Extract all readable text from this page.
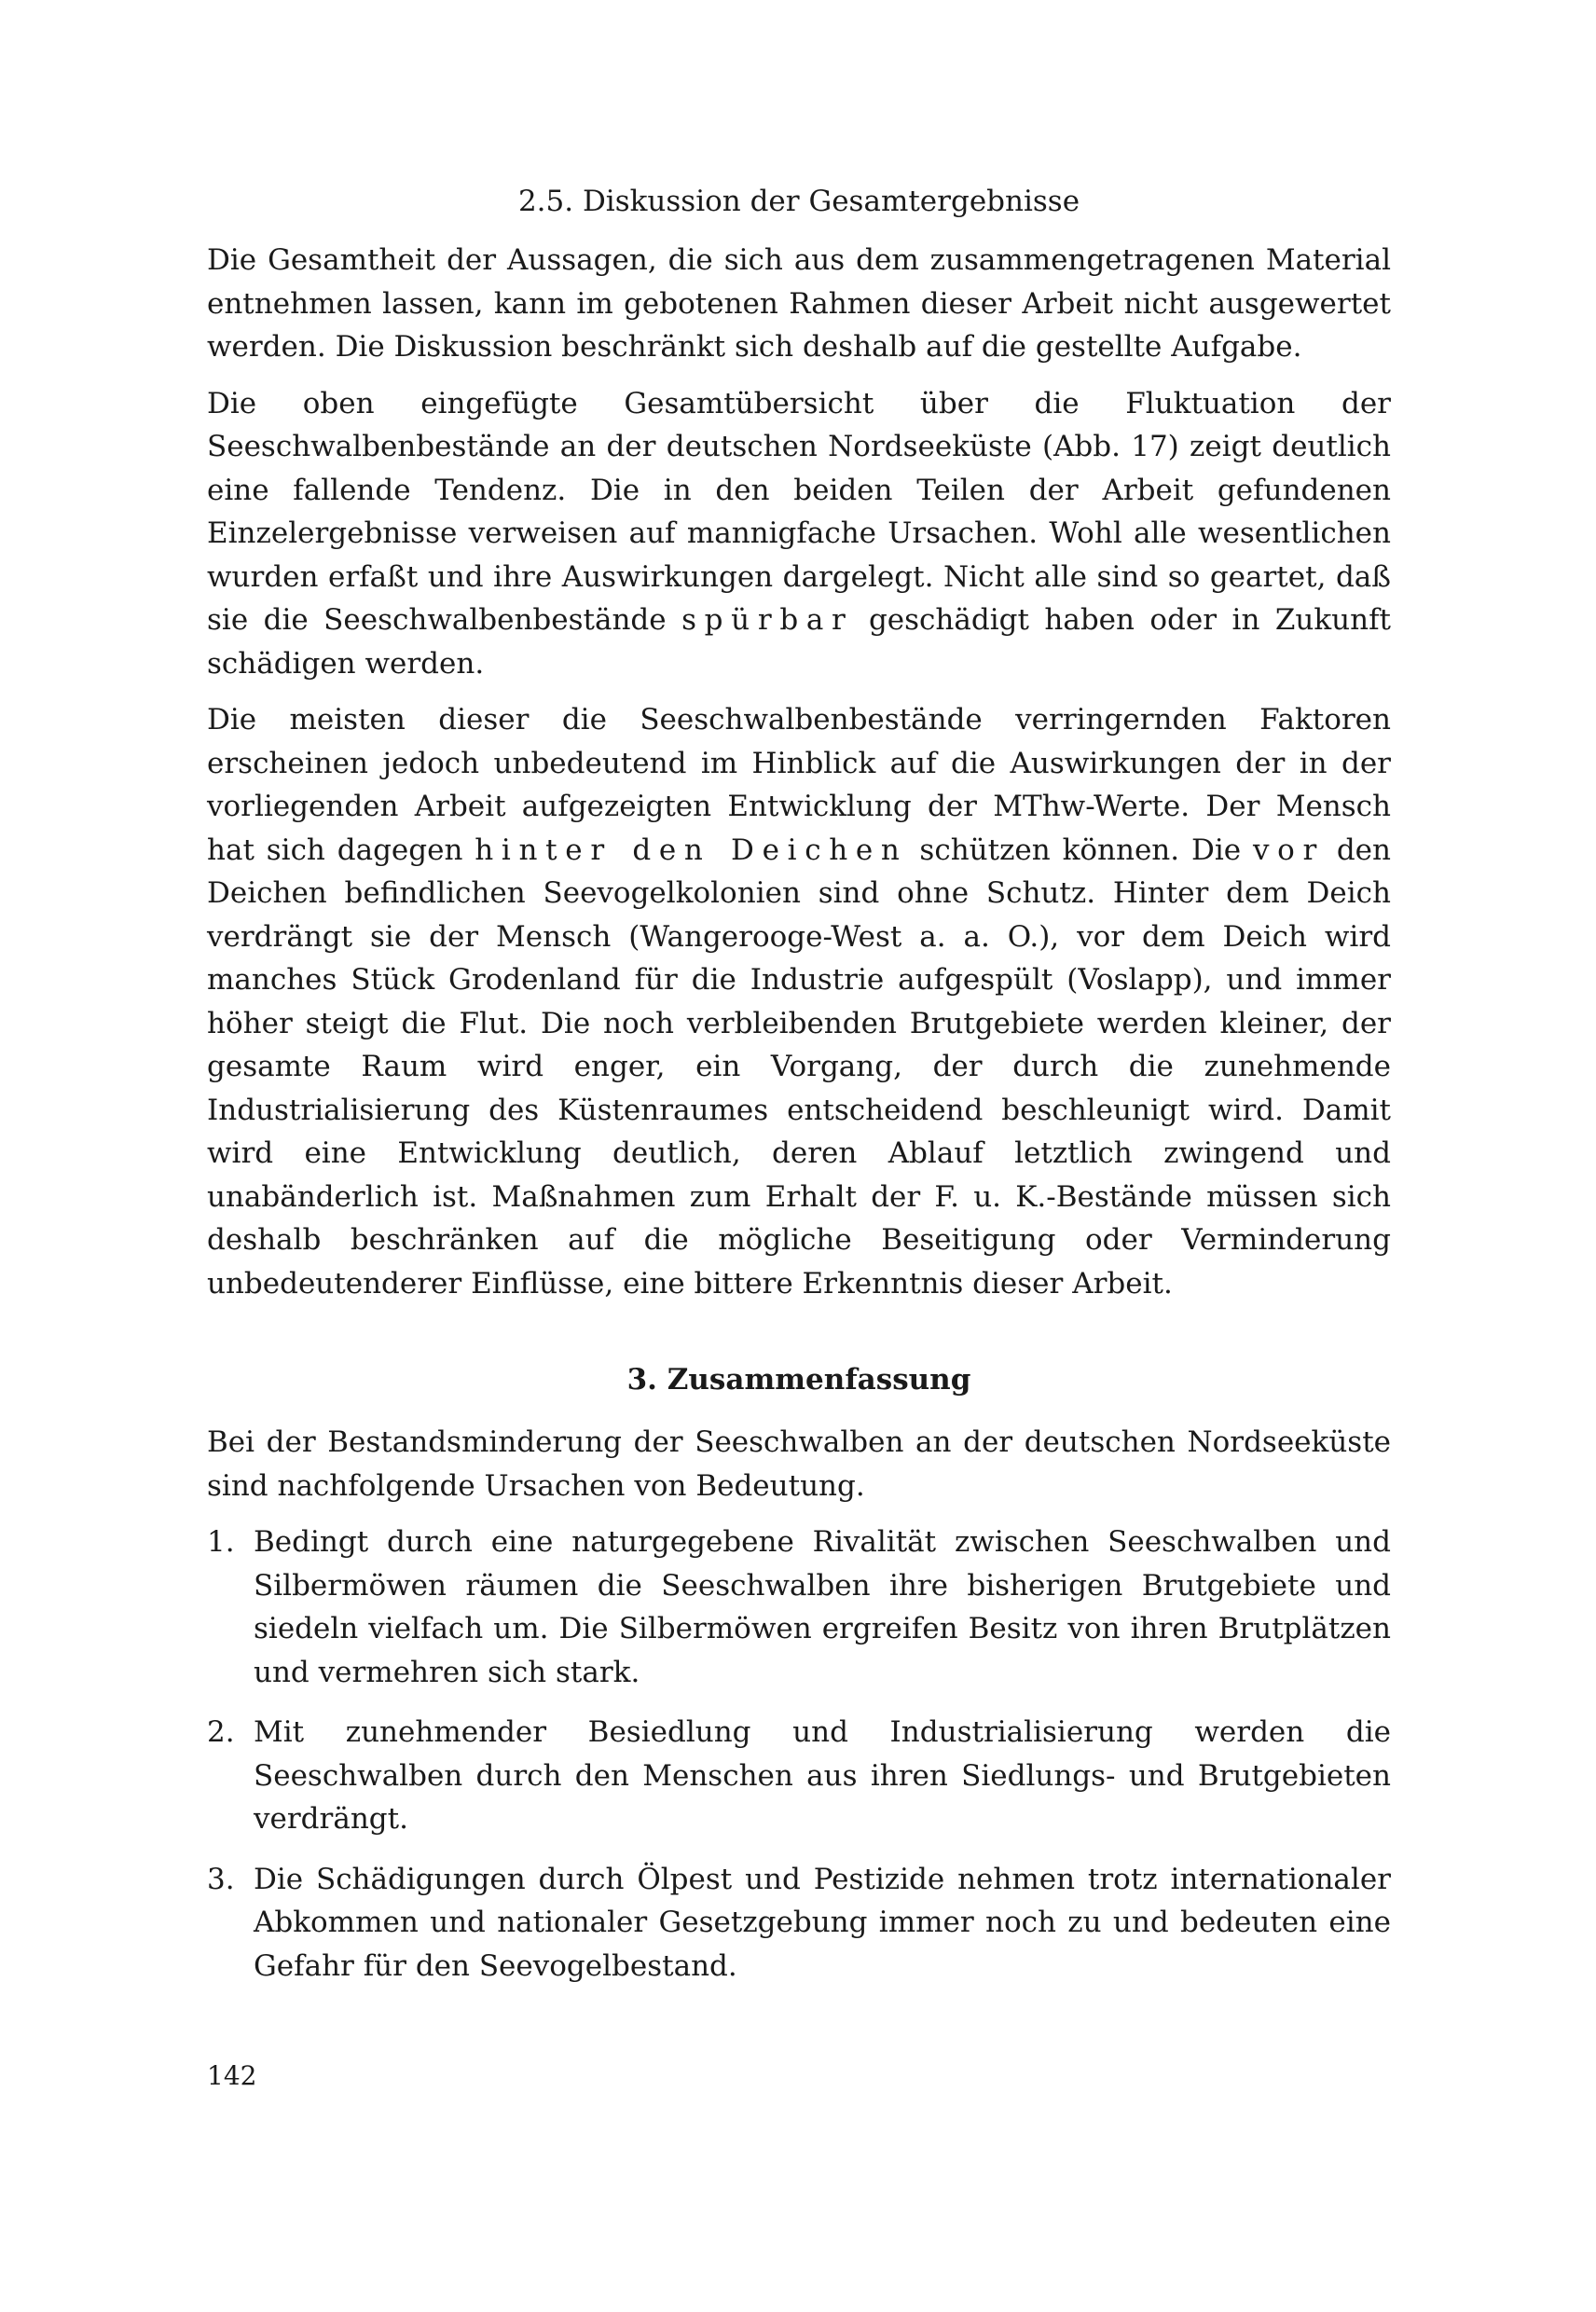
2.5. Diskussion der Gesamtergebnisse

Die Gesamtheit der Aussagen, die sich aus dem zusammengetragenen Material entnehmen lassen, kann im gebotenen Rahmen dieser Arbeit nicht ausgewertet werden. Die Diskussion beschränkt sich deshalb auf die gestellte Aufgabe.

Die oben eingefügte Gesamtübersicht über die Fluktuation der Seeschwalbenbestände an der deutschen Nordseeküste (Abb. 17) zeigt deutlich eine fallende Tendenz. Die in den beiden Teilen der Arbeit gefundenen Einzelergebnisse verweisen auf mannigfache Ursachen. Wohl alle wesentlichen wurden erfaßt und ihre Auswirkungen dargelegt. Nicht alle sind so geartet, daß sie die Seeschwalbenbestände spürbar geschädigt haben oder in Zukunft schädigen werden.

Die meisten dieser die Seeschwalbenbestände verringernden Faktoren erscheinen jedoch unbedeutend im Hinblick auf die Auswirkungen der in der vorliegenden Arbeit aufgezeigten Entwicklung der MThw-Werte. Der Mensch hat sich dagegen hinter den Deichen schützen können. Die vor den Deichen befindlichen Seevogelkolonien sind ohne Schutz. Hinter dem Deich verdrängt sie der Mensch (Wangerooge-West a. a. O.), vor dem Deich wird manches Stück Grodenland für die Industrie aufgespült (Voslapp), und immer höher steigt die Flut. Die noch verbleibenden Brutgebiete werden kleiner, der gesamte Raum wird enger, ein Vorgang, der durch die zunehmende Industrialisierung des Küstenraumes entscheidend beschleunigt wird. Damit wird eine Entwicklung deutlich, deren Ablauf letztlich zwingend und unabänderlich ist. Maßnahmen zum Erhalt der F. u. K.-Bestände müssen sich deshalb beschränken auf die mögliche Beseitigung oder Verminderung unbedeutenderer Einflüsse, eine bittere Erkenntnis dieser Arbeit.

3. Zusammenfassung

Bei der Bestandsminderung der Seeschwalben an der deutschen Nordseeküste sind nachfolgende Ursachen von Bedeutung.

1. Bedingt durch eine naturgegebene Rivalität zwischen Seeschwalben und Silbermöwen räumen die Seeschwalben ihre bisherigen Brutgebiete und siedeln vielfach um. Die Silbermöwen ergreifen Besitz von ihren Brutplätzen und vermehren sich stark.
2. Mit zunehmender Besiedlung und Industrialisierung werden die Seeschwalben durch den Menschen aus ihren Siedlungs- und Brutgebieten verdrängt.
3. Die Schädigungen durch Ölpest und Pestizide nehmen trotz internationaler Abkommen und nationaler Gesetzgebung immer noch zu und bedeuten eine Gefahr für den Seevogelbestand.
142
